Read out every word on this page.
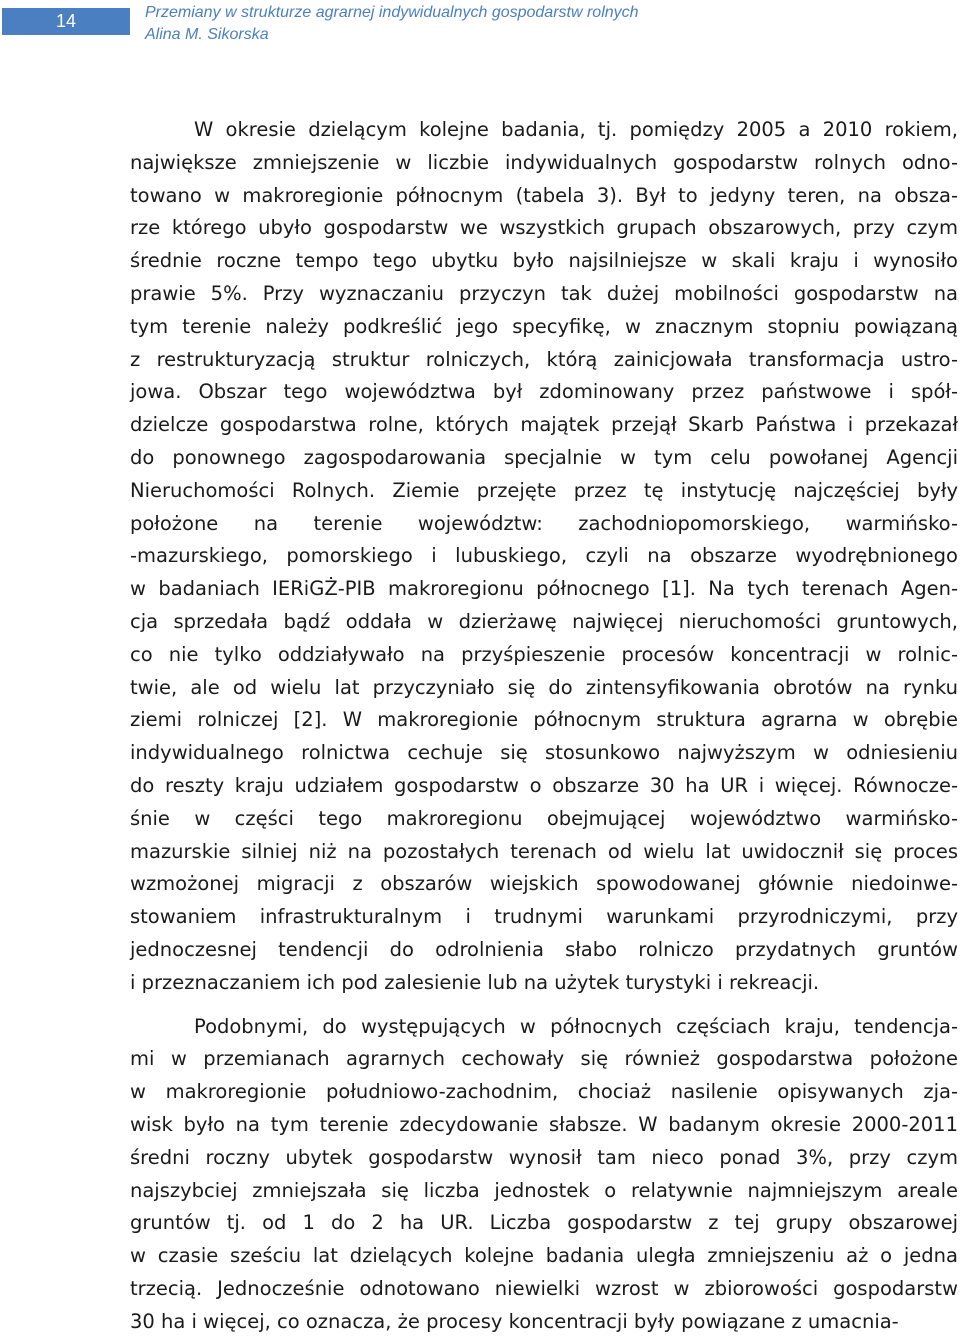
14	Przemiany w strukturze agrarnej indywidualnych gospodarstw rolnych
Alina M. Sikorska

W okresie dzielącym kolejne badania, tj. pomiędzy 2005 a 2010 rokiem,
największe zmniejszenie w liczbie indywidualnych gospodarstw rolnych odno-
towano w makroregionie północnym (tabela 3). Był to jedyny teren, na obsza-
rze którego ubyło gospodarstw we wszystkich grupach obszarowych, przy czym
średnie roczne tempo tego ubytku było najsilniejsze w skali kraju i wynosiło
prawie 5%. Przy wyznaczaniu przyczyn tak dużej mobilności gospodarstw na
tym terenie należy podkreślić jego specyfikę, w znacznym stopniu powiązaną
z restrukturyzacją struktur rolniczych, którą zainicjowała transformacja ustro-
jowa. Obszar tego województwa był zdominowany przez państwowe i spół-
dzielcze gospodarstwa rolne, których majątek przejął Skarb Państwa i przekazał
do ponownego zagospodarowania specjalnie w tym celu powołanej Agencji
Nieruchomości Rolnych. Ziemie przejęte przez tę instytucję najczęściej były
położone na terenie województw: zachodniopomorskiego, warmińsko-
-mazurskiego, pomorskiego i lubuskiego, czyli na obszarze wyodrębnionego
w badaniach IERiGŻ-PIB makroregionu północnego [1]. Na tych terenach Agen-
cja sprzedała bądź oddała w dzierżawę najwięcej nieruchomości gruntowych,
co nie tylko oddziaływało na przyśpieszenie procesów koncentracji w rolnic-
twie, ale od wielu lat przyczyniało się do zintensyfikowania obrotów na rynku
ziemi rolniczej [2]. W makroregionie północnym struktura agrarna w obrębie
indywidualnego rolnictwa cechuje się stosunkowo najwyższym w odniesieniu
do reszty kraju udziałem gospodarstw o obszarze 30 ha UR i więcej. Równocze-
śnie w części tego makroregionu obejmującej województwo warmińsko-
mazurskie silniej niż na pozostałych terenach od wielu lat uwidocznił się proces
wzmożonej migracji z obszarów wiejskich spowodowanej głównie niedoinwe-
stowaniem infrastrukturalnym i trudnymi warunkami przyrodniczymi, przy
jednoczesnej tendencji do odrolnienia słabo rolniczo przydatnych gruntów
i przeznaczaniem ich pod zalesienie lub na użytek turystyki i rekreacji.

Podobnymi, do występujących w północnych częściach kraju, tendencja-
mi w przemianach agrarnych cechowały się również gospodarstwa położone
w makroregionie południowo-zachodnim, chociaż nasilenie opisywanych zja-
wisk było na tym terenie zdecydowanie słabsze. W badanym okresie 2000-2011
średni roczny ubytek gospodarstw wynosił tam nieco ponad 3%, przy czym
najszybciej zmniejszała się liczba jednostek o relatywnie najmniejszym areale
gruntów tj. od 1 do 2 ha UR. Liczba gospodarstw z tej grupy obszarowej
w czasie sześciu lat dzielących kolejne badania uległa zmniejszeniu aż o jedna
trzecią. Jednocześnie odnotowano niewielki wzrost w zbiorowości gospodarstw
30 ha i więcej, co oznacza, że procesy koncentracji były powiązane z umacnia-
